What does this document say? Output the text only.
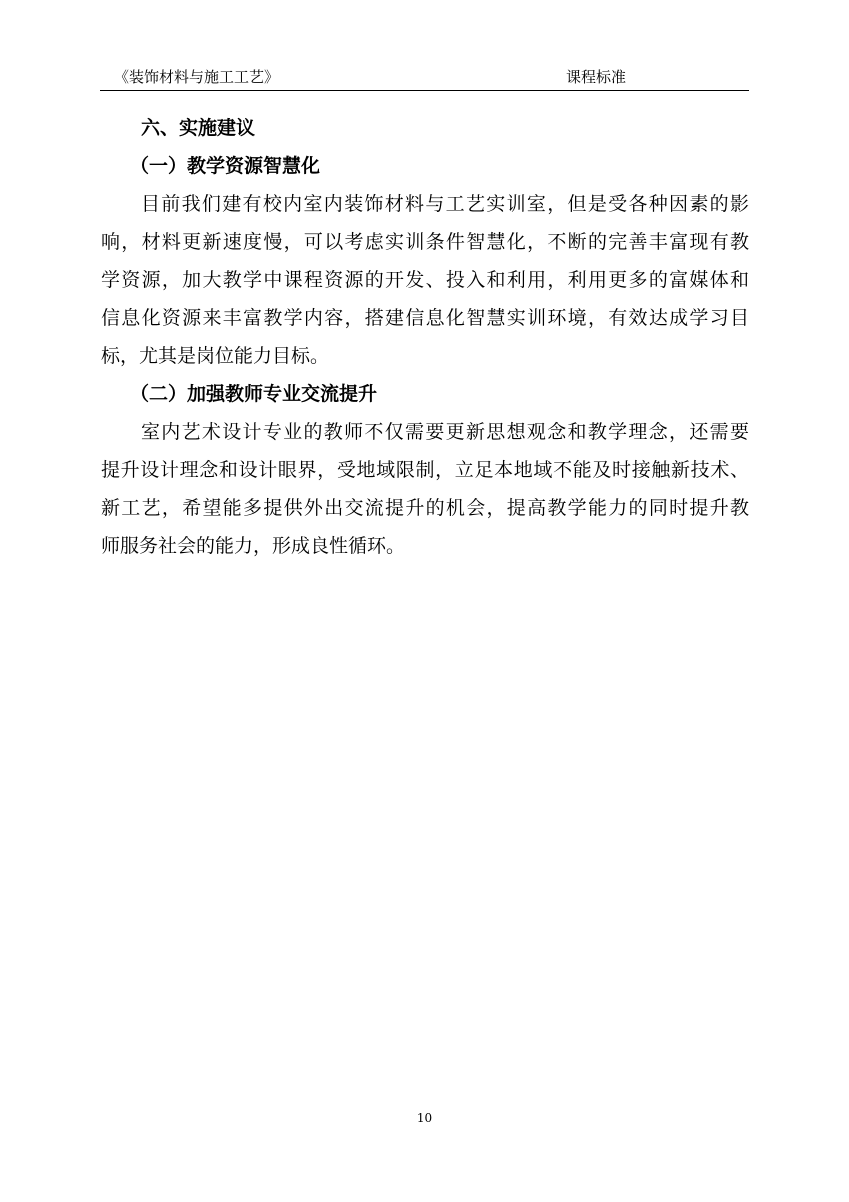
《装饰材料与施工工艺》	课程标准
六、实施建议
（一）教学资源智慧化

目前我们建有校内室内装饰材料与工艺实训室，但是受各种因素的影
响，材料更新速度慢，可以考虑实训条件智慧化，不断的完善丰富现有教
学资源，加大教学中课程资源的开发、投入和利用，利用更多的富媒体和
信息化资源来丰富教学内容，搭建信息化智慧实训环境，有效达成学习目
标，尤其是岗位能力目标。

（二）加强教师专业交流提升

室内艺术设计专业的教师不仅需要更新思想观念和教学理念，还需要
提升设计理念和设计眼界，受地域限制，立足本地域不能及时接触新技术、
新工艺，希望能多提供外出交流提升的机会，提高教学能力的同时提升教
师服务社会的能力，形成良性循环。

10
